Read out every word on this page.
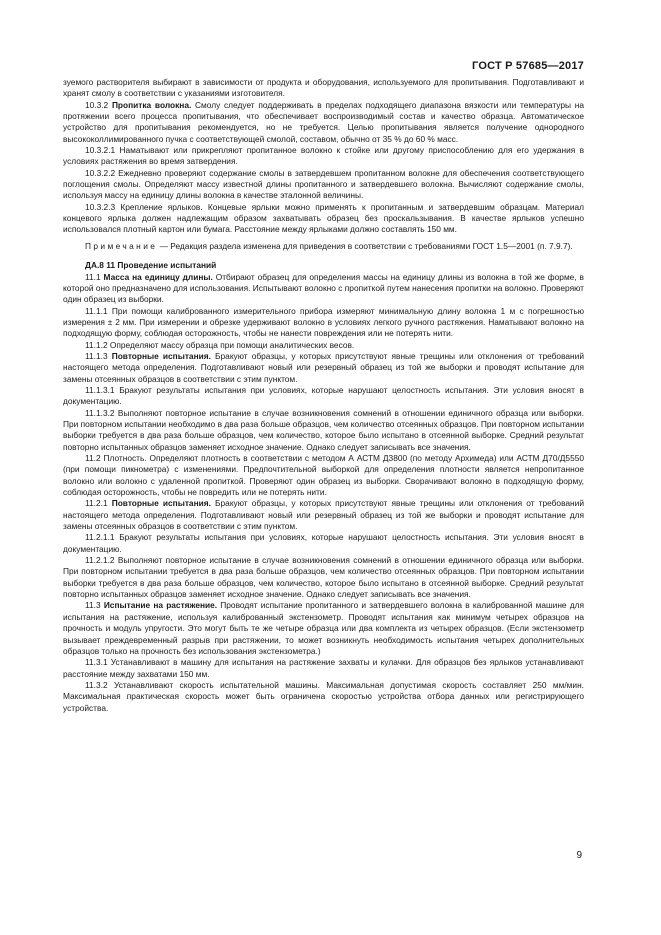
ГОСТ Р 57685—2017

зуемого растворителя выбирают в зависимости от продукта и оборудования, используемого для пропитывания. Подготавливают и хранят смолу в соответствии с указаниями изготовителя.

10.3.2 Пропитка волокна. Смолу следует поддерживать в пределах подходящего диапазона вязкости или температуры на протяжении всего процесса пропитывания, что обеспечивает воспроизводимый состав и качество образца. Автоматическое устройство для пропитывания рекомендуется, но не требуется. Целью пропитывания является получение однородного высококоллимированного пучка с соответствующей смолой, составом, обычно от 35 % до 60 % масс.

10.3.2.1 Наматывают или прикрепляют пропитанное волокно к стойке или другому приспособлению для его удержания в условиях растяжения во время затвердения.

10.3.2.2 Ежедневно проверяют содержание смолы в затвердевшем пропитанном волокне для обеспечения соответствующего поглощения смолы. Определяют массу известной длины пропитанного и затвердевшего волокна. Вычисляют содержание смолы, используя массу на единицу длины волокна в качестве эталонной величины.

10.3.2.3 Крепление ярлыков. Концевые ярлыки можно применять к пропитанным и затвердевшим образцам. Материал концевого ярлыка должен надлежащим образом захватывать образец без проскальзывания. В качестве ярлыков успешно использовался плотный картон или бумага. Расстояние между ярлыками должно составлять 150 мм.

Примечание — Редакция раздела изменена для приведения в соответствии с требованиями ГОСТ 1.5—2001 (п. 7.9.7).

ДА.8 11 Проведение испытаний

11.1 Масса на единицу длины. Отбирают образец для определения массы на единицу длины из волокна в той же форме, в которой оно предназначено для использования. Испытывают волокно с пропиткой путем нанесения пропитки на волокно. Проверяют один образец из выборки.

11.1.1 При помощи калиброванного измерительного прибора измеряют минимальную длину волокна 1 м с погрешностью измерения ± 2 мм. При измерении и обрезке удерживают волокно в условиях легкого ручного растяжения. Наматывают волокно на подходящую форму, соблюдая осторожность, чтобы не нанести повреждения или не потерять нити.

11.1.2 Определяют массу образца при помощи аналитических весов.

11.1.3 Повторные испытания. Бракуют образцы, у которых присутствуют явные трещины или отклонения от требований настоящего метода определения. Подготавливают новый или резервный образец из той же выборки и проводят испытание для замены отсеянных образцов в соответствии с этим пунктом.

11.1.3.1 Бракуют результаты испытания при условиях, которые нарушают целостность испытания. Эти условия вносят в документацию.

11.1.3.2 Выполняют повторное испытание в случае возникновения сомнений в отношении единичного образца или выборки. При повторном испытании необходимо в два раза больше образцов, чем количество отсеянных образцов. При повторном испытании выборки требуется в два раза больше образцов, чем количество, которое было испытано в отсеянной выборке. Средний результат повторно испытанных образцов заменяет исходное значение. Однако следует записывать все значения.

11.2 Плотность. Определяют плотность в соответствии с методом А АСТМ Д3800 (по методу Архимеда) или АСТМ Д70/Д5550 (при помощи пикнометра) с изменениями. Предпочтительной выборкой для определения плотности является непропитанное волокно или волокно с удаленной пропиткой. Проверяют один образец из выборки. Сворачивают волокно в подходящую форму, соблюдая осторожность, чтобы не повредить или не потерять нити.

11.2.1 Повторные испытания. Бракуют образцы, у которых присутствуют явные трещины или отклонения от требований настоящего метода определения. Подготавливают новый или резервный образец из той же выборки и проводят испытание для замены отсеянных образцов в соответствии с этим пунктом.

11.2.1.1 Бракуют результаты испытания при условиях, которые нарушают целостность испытания. Эти условия вносят в документацию.

11.2.1.2 Выполняют повторное испытание в случае возникновения сомнений в отношении единичного образца или выборки. При повторном испытании требуется в два раза больше образцов, чем количество отсеянных образцов. При повторном испытании выборки требуется в два раза больше образцов, чем количество, которое было испытано в отсеянной выборке. Средний результат повторно испытанных образцов заменяет исходное значение. Однако следует записывать все значения.

11.3 Испытание на растяжение. Проводят испытание пропитанного и затвердевшего волокна в калиброванной машине для испытания на растяжение, используя калиброванный экстензометр. Проводят испытания как минимум четырех образцов на прочность и модуль упругости. Это могут быть те же четыре образца или два комплекта из четырех образцов. (Если экстензометр вызывает преждевременный разрыв при растяжении, то может возникнуть необходимость испытания четырех дополнительных образцов только на прочность без использования экстензометра.)

11.3.1 Устанавливают в машину для испытания на растяжение захваты и кулачки. Для образцов без ярлыков устанавливают расстояние между захватами 150 мм.

11.3.2 Устанавливают скорость испытательной машины. Максимальная допустимая скорость составляет 250 мм/мин. Максимальная практическая скорость может быть ограничена скоростью устройства отбора данных или регистрирующего устройства.

9
